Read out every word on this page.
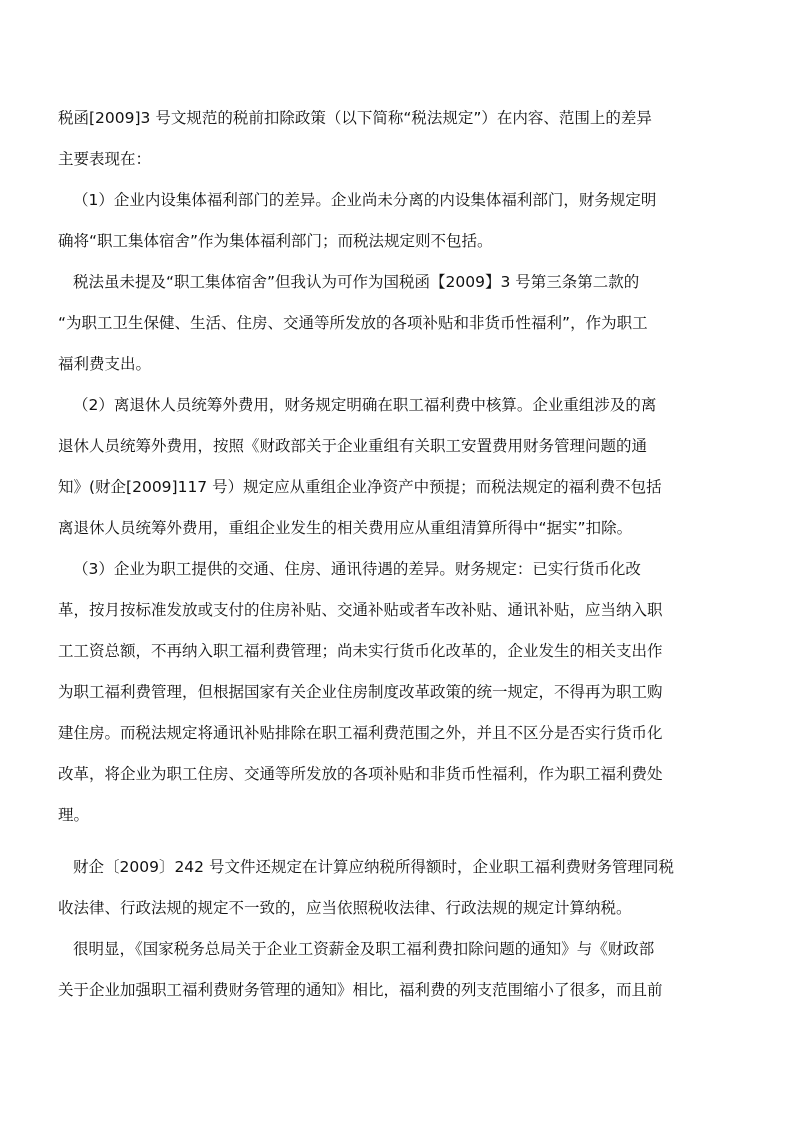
税函[2009]3 号文规范的税前扣除政策（以下简称“税法规定”）在内容、范围上的差异

主要表现在：

（1）企业内设集体福利部门的差异。企业尚未分离的内设集体福利部门，财务规定明

确将“职工集体宿舍”作为集体福利部门；而税法规定则不包括。

税法虽未提及“职工集体宿舍”但我认为可作为国税函【2009】3 号第三条第二款的

“为职工卫生保健、生活、住房、交通等所发放的各项补贴和非货币性福利”，作为职工

福利费支出。

（2）离退休人员统筹外费用，财务规定明确在职工福利费中核算。企业重组涉及的离

退休人员统筹外费用，按照《财政部关于企业重组有关职工安置费用财务管理问题的通

知》(财企[2009]117 号）规定应从重组企业净资产中预提；而税法规定的福利费不包括

离退休人员统筹外费用，重组企业发生的相关费用应从重组清算所得中“据实”扣除。

（3）企业为职工提供的交通、住房、通讯待遇的差异。财务规定：已实行货币化改

革，按月按标准发放或支付的住房补贴、交通补贴或者车改补贴、通讯补贴，应当纳入职

工工资总额，不再纳入职工福利费管理；尚未实行货币化改革的，企业发生的相关支出作

为职工福利费管理，但根据国家有关企业住房制度改革政策的统一规定，不得再为职工购

建住房。而税法规定将通讯补贴排除在职工福利费范围之外，并且不区分是否实行货币化

改革，将企业为职工住房、交通等所发放的各项补贴和非货币性福利，作为职工福利费处

理。

财企〔2009〕242 号文件还规定在计算应纳税所得额时，企业职工福利费财务管理同税

收法律、行政法规的规定不一致的，应当依照税收法律、行政法规的规定计算纳税。

很明显，《国家税务总局关于企业工资薪金及职工福利费扣除问题的通知》与《财政部

关于企业加强职工福利费财务管理的通知》相比，福利费的列支范围缩小了很多，而且前
